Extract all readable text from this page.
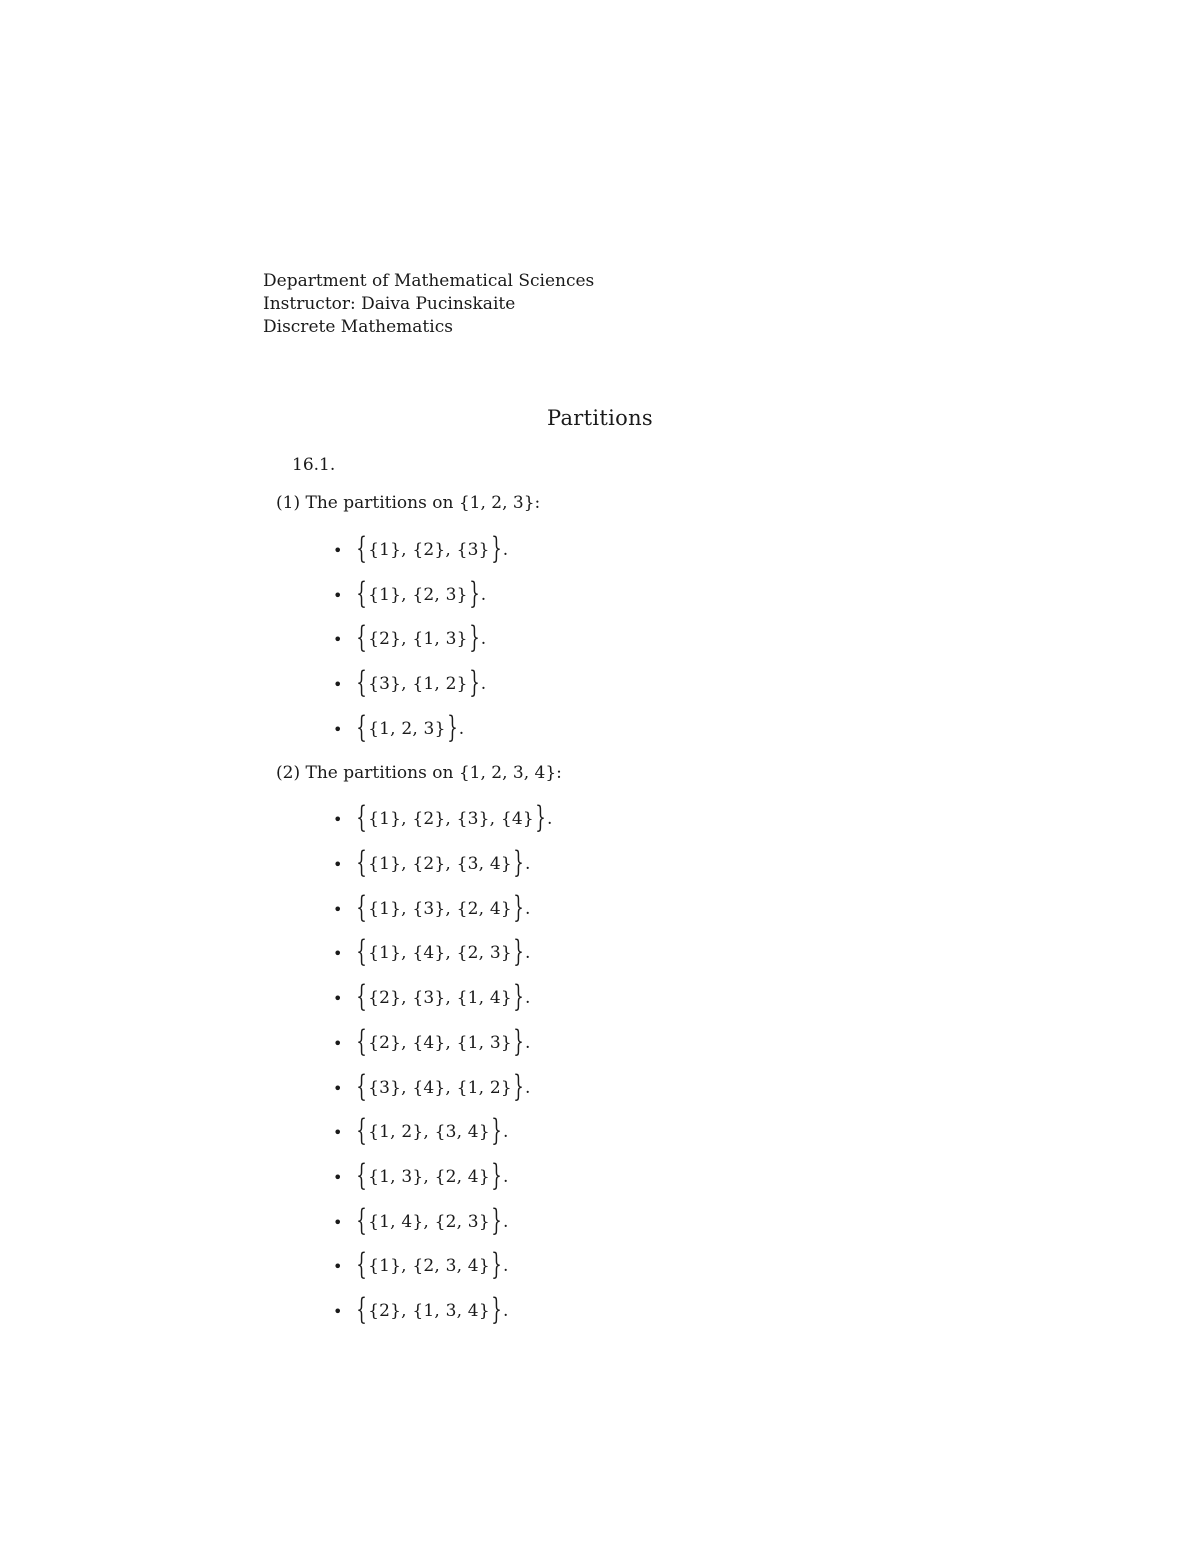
Department of Mathematical Sciences
Instructor: Daiva Pucinskaite
Discrete Mathematics
Partitions
16.1.
(1) The partitions on {1, 2, 3}:
• { {1}, {2}, {3} } .
• { {1}, {2, 3} } .
• { {2}, {1, 3} } .
• { {3}, {1, 2} } .
• { {1, 2, 3} } .
(2) The partitions on {1, 2, 3, 4}:
• { {1}, {2}, {3}, {4} } .
• { {1}, {2}, {3, 4} } .
• { {1}, {3}, {2, 4} } .
• { {1}, {4}, {2, 3} } .
• { {2}, {3}, {1, 4} } .
• { {2}, {4}, {1, 3} } .
• { {3}, {4}, {1, 2} } .
• { {1, 2}, {3, 4} } .
• { {1, 3}, {2, 4} } .
• { {1, 4}, {2, 3} } .
• { {1}, {2, 3, 4} } .
• { {2}, {1, 3, 4} } .
